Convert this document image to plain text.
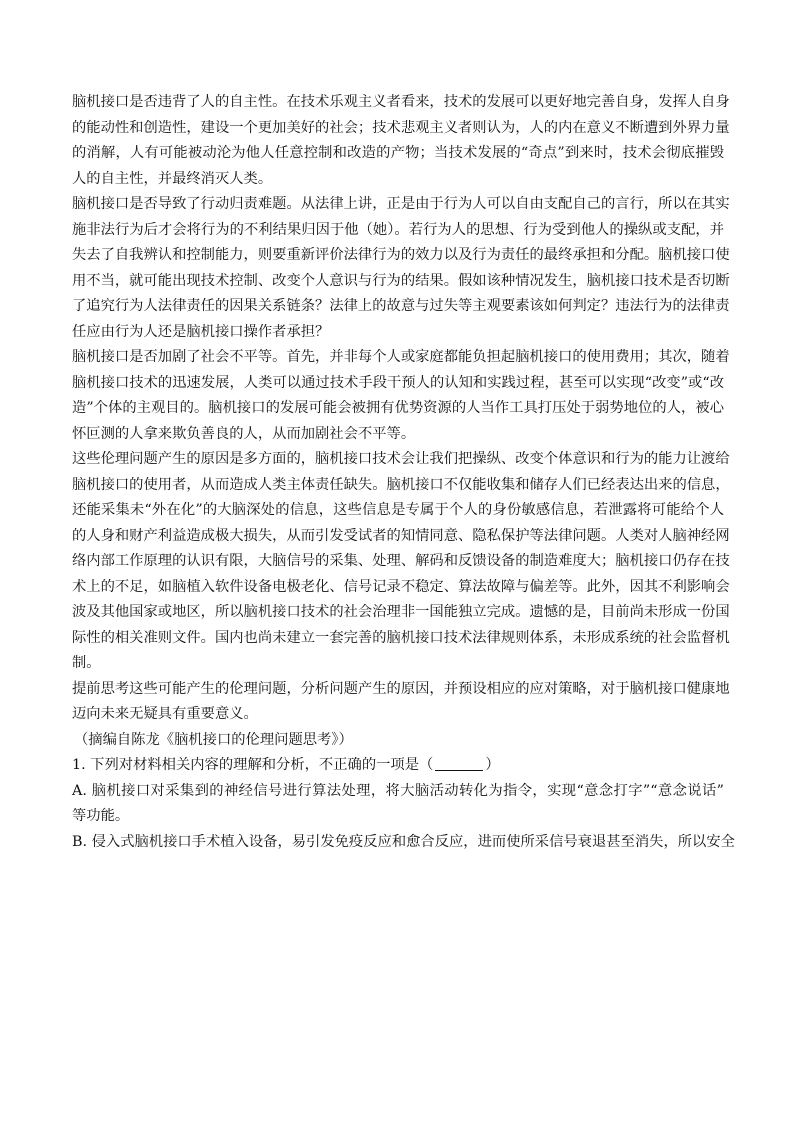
脑机接口是否违背了人的自主性。在技术乐观主义者看来，技术的发展可以更好地完善自身，发挥人自身
的能动性和创造性，建设一个更加美好的社会；技术悲观主义者则认为，人的内在意义不断遭到外界力量
的消解，人有可能被动沦为他人任意控制和改造的产物；当技术发展的“奇点”到来时，技术会彻底摧毁
人的自主性，并最终消灭人类。
脑机接口是否导致了行动归责难题。从法律上讲，正是由于行为人可以自由支配自己的言行，所以在其实
施非法行为后才会将行为的不利结果归因于他（她）。若行为人的思想、行为受到他人的操纵或支配，并
失去了自我辨认和控制能力，则要重新评价法律行为的效力以及行为责任的最终承担和分配。脑机接口使
用不当，就可能出现技术控制、改变个人意识与行为的结果。假如该种情况发生，脑机接口技术是否切断
了追究行为人法律责任的因果关系链条？法律上的故意与过失等主观要素该如何判定？违法行为的法律责
任应由行为人还是脑机接口操作者承担？
脑机接口是否加剧了社会不平等。首先，并非每个人或家庭都能负担起脑机接口的使用费用；其次，随着
脑机接口技术的迅速发展，人类可以通过技术手段干预人的认知和实践过程，甚至可以实现“改变”或“改
造”个体的主观目的。脑机接口的发展可能会被拥有优势资源的人当作工具打压处于弱势地位的人，被心
怀叵测的人拿来欺负善良的人，从而加剧社会不平等。
这些伦理问题产生的原因是多方面的，脑机接口技术会让我们把操纵、改变个体意识和行为的能力让渡给
脑机接口的使用者，从而造成人类主体责任缺失。脑机接口不仅能收集和储存人们已经表达出来的信息，
还能采集未“外在化”的大脑深处的信息，这些信息是专属于个人的身份敏感信息，若泄露将可能给个人
的人身和财产利益造成极大损失，从而引发受试者的知情同意、隐私保护等法律问题。人类对人脑神经网
络内部工作原理的认识有限，大脑信号的采集、处理、解码和反馈设备的制造难度大；脑机接口仍存在技
术上的不足，如脑植入软件设备电极老化、信号记录不稳定、算法故障与偏差等。此外，因其不利影响会
波及其他国家或地区，所以脑机接口技术的社会治理非一国能独立完成。遗憾的是，目前尚未形成一份国
际性的相关准则文件。国内也尚未建立一套完善的脑机接口技术法律规则体系，未形成系统的社会监督机
制。
提前思考这些可能产生的伦理问题，分析问题产生的原因，并预设相应的应对策略，对于脑机接口健康地
迈向未来无疑具有重要意义。
（摘编自陈龙《脑机接口的伦理问题思考》）
1. 下列对材料相关内容的理解和分析，不正确的一项是（	）
A. 脑机接口对采集到的神经信号进行算法处理，将大脑活动转化为指令，实现“意念打字”“意念说话”
等功能。
B. 侵入式脑机接口手术植入设备，易引发免疫反应和愈合反应，进而使所采信号衰退甚至消失，所以安全
